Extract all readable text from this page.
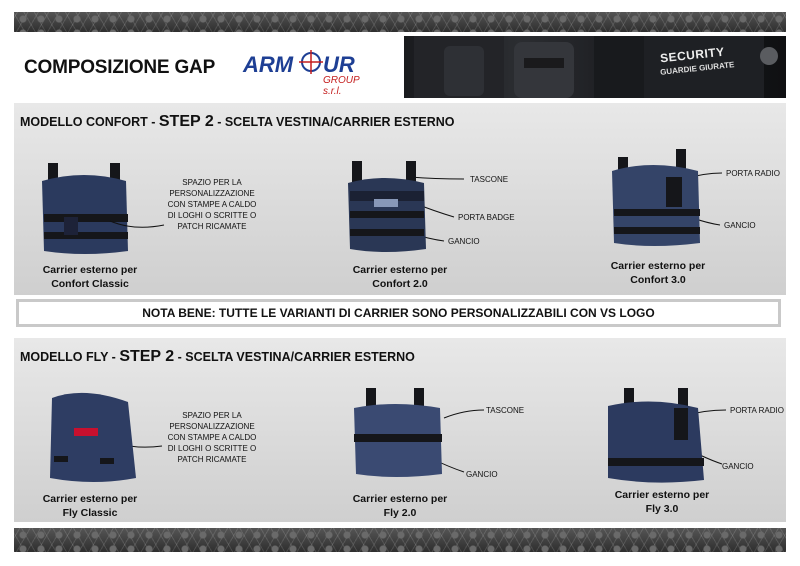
COMPOSIZIONE GAP ARM UR
GROUP s.r.l.
SECURITY
GUARDIE GIURATE
MODELLO CONFORT - STEP 2 - SCELTA VESTINA/CARRIER ESTERNO
SPAZIO PER LA PERSONALIZZAZIONE CON STAMPE A CALDO DI LOGHI O SCRITTE O PATCH RICAMATE
Carrier esterno per
Confort Classic
TASCONE
PORTA BADGE
GANCIO
Carrier esterno per
Confort 2.0
PORTA RADIO
GANCIO
Carrier esterno per
Confort 3.0
NOTA BENE: TUTTE LE VARIANTI DI CARRIER SONO PERSONALIZZABILI CON VS LOGO
MODELLO FLY - STEP 2 - SCELTA VESTINA/CARRIER ESTERNO
SPAZIO PER LA PERSONALIZZAZIONE CON STAMPE A CALDO DI LOGHI O SCRITTE O PATCH RICAMATE
Carrier esterno per
Fly Classic
TASCONE
GANCIO
Carrier esterno per
Fly 2.0
PORTA RADIO
GANCIO
Carrier esterno per
Fly 3.0
